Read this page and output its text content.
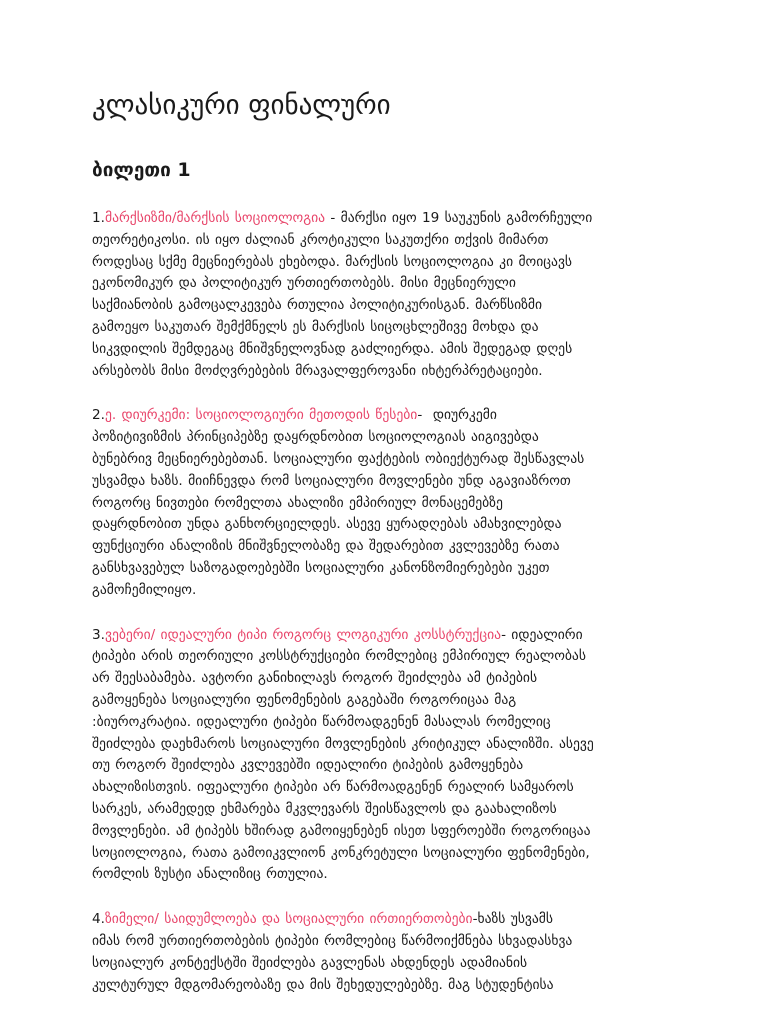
კლასიკური ფინალური
ბილეთი 1
1.მარქსიზმი/მარქსის სოციოლოგია - მარქსი იყო 19 საუკუნის გამორჩეული
თეორეტიკოსი. ის იყო ძალიან კროტიკული საკუთქრი თქვის მიმართ
როდესაც სქმე მეცნიერებას ეხებოდა. მარქსის სოციოლოგია კი მოიცავს
ეკონომიკურ და პოლიტიკურ ურთიერთობებს. მისი მეცნიერული
საქმიანობის გამოცალკევება რთულია პოლიტიკურისგან. მარწსიზმი
გამოეყო საკუთარ შემქმნელს ეს მარქსის სიცოცხლეშივე მოხდა და
სიკვდილის შემდეგაც მნიშვნელოვნად გაძლიერდა. ამის შედეგად დღეს
არსებობს მისი მოძღვრებების მრავალფეროვანი იხტერპრეტაციები.
2.ე. დიურკემი: სოციოლოგიური მეთოდის წესები-  დიურკემი
პოზიტივიზმის პრინციპებზე დაყრდნობით სოციოლოგიას აიგივებდა
ბუნებრივ მეცნიერებებთან. სოციალური ფაქტების ობიექტურად შესწავლას
უსვამდა ხაზს. მიიჩნევდა რომ სოციალური მოვლენები უნდ აგავიაზროთ
როგორც ნივთები რომელთა ახალიზი ემპირიულ მონაცემებზე
დაყრდნობით უნდა განხორციელდეს. ასევე ყურადღებას ამახვილებდა
ფუნქციური ანალიზის მნიშვნელობაზე და შედარებით კვლევებზე რათა
განსხვავებულ საზოგადოებებში სოციალური კანონზომიერებები უკეთ
გამოჩემილიყო.
3.ვებერი/ იდეალური ტიპი როგორც ლოგიკური კოსსტრუქცია- იდეალირი
ტიპები არის თეორიული კოსსტრუქციები რომლებიც ემპირიულ რეალობას
არ შეესაბამება. ავტორი განიხილავს როგორ შეიძლება ამ ტიპების
გამოყენება სოციალური ფენომენების გაგებაში როგორიცაა მაგ
:ბიუროკრატია. იდეალური ტიპები წარმოადგენენ მასალას რომელიც
შეიძლება დაეხმაროს სოციალური მოვლენების კრიტიკულ ანალიზში. ასევე
თუ როგორ შეიძლება კვლევებში იდეალირი ტიპების გამოყენება
ახალიზისთვის. იფეალური ტიპები არ წარმოადგენენ რეალირ სამყაროს
სარკეს, არამედედ ეხმარება მკვლევარს შეისწავლოს და გაახალიზოს
მოვლენები. ამ ტიპებს ხშირად გამოიყენებენ ისეთ სფეროებში როგორიცაა
სოციოლოგია, რათა გამოიკვლიონ კონკრეტული სოციალური ფენომენები,
რომლის ზუსტი ანალიზიც რთულია.
4.ზიმელი/ საიდუმლოება და სოციალური ირთიერთობები-ხაზს უსვამს
იმას რომ ურთიერთობების ტიპები რომლებიც წარმოიქმნება სხვადასხვა
სოციალურ კონტექსტში შეიძლება გავლენას ახდენდეს ადამიანის
კულტურულ მდგომარეობაზე და მის შეხედულებებზე. მაგ სტუდენტისა
